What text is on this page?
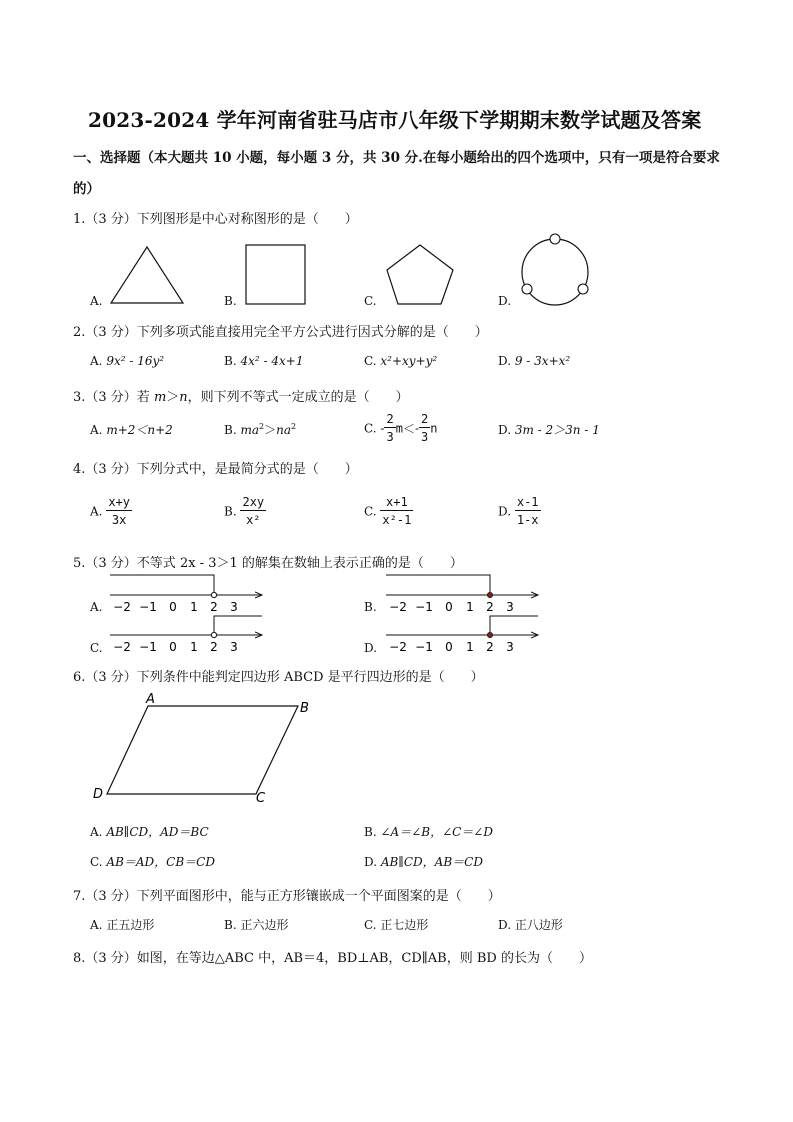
2023-2024 学年河南省驻马店市八年级下学期期末数学试题及答案
一、选择题（本大题共 10 小题，每小题 3 分，共 30 分.在每小题给出的四个选项中，只有一项是符合要求
的）
1.（3 分）下列图形是中心对称图形的是（　　）
A.	B.	C.	D.
2.（3 分）下列多项式能直接用完全平方公式进行因式分解的是（　　）
A. 9x² - 16y²	B. 4x² - 4x+1	C. x²+xy+y²	D. 9 - 3x+x²
3.（3 分）若 m＞n，则下列不等式一定成立的是（　　）
A. m+2＜n+2	B. $ma^2>na^2$	C. - $\frac{2}{3} m<- \frac{2}{3}$ n	D. 3m - 2＞3n - 1
4.（3 分）下列分式中，是最简分式的是（　　）
A. $\frac{x+y}{3x}$	B. $\frac{2xy}{\text{x²}}$	C. $\frac{x+1}{\text{x²-1}}$	D. $\frac{x-1}{1-x}$
5.（3 分）不等式 2x - 3＞1 的解集在数轴上表示正确的是（　　）
A.	B.
C.	D.
−2 −1 0 1 2 3	−2 −1 0 1 2 3
−2 −1 0 1 2 3	−2 −1 0 1 2 3
6.（3 分）下列条件中能判定四边形 ABCD 是平行四边形的是（　　）
A
B
C
D
A. AB∥CD，AD＝BC	B. ∠A＝∠B，∠C＝∠D
C. AB＝AD，CB＝CD	D. AB∥CD，AB＝CD
7.（3 分）下列平面图形中，能与正方形镶嵌成一个平面图案的是（　　）
A. 正五边形	B. 正六边形	C. 正七边形	D. 正八边形
8.（3 分）如图，在等边△ABC 中，AB＝4，BD⊥AB，CD∥AB，则 BD 的长为（　　）
